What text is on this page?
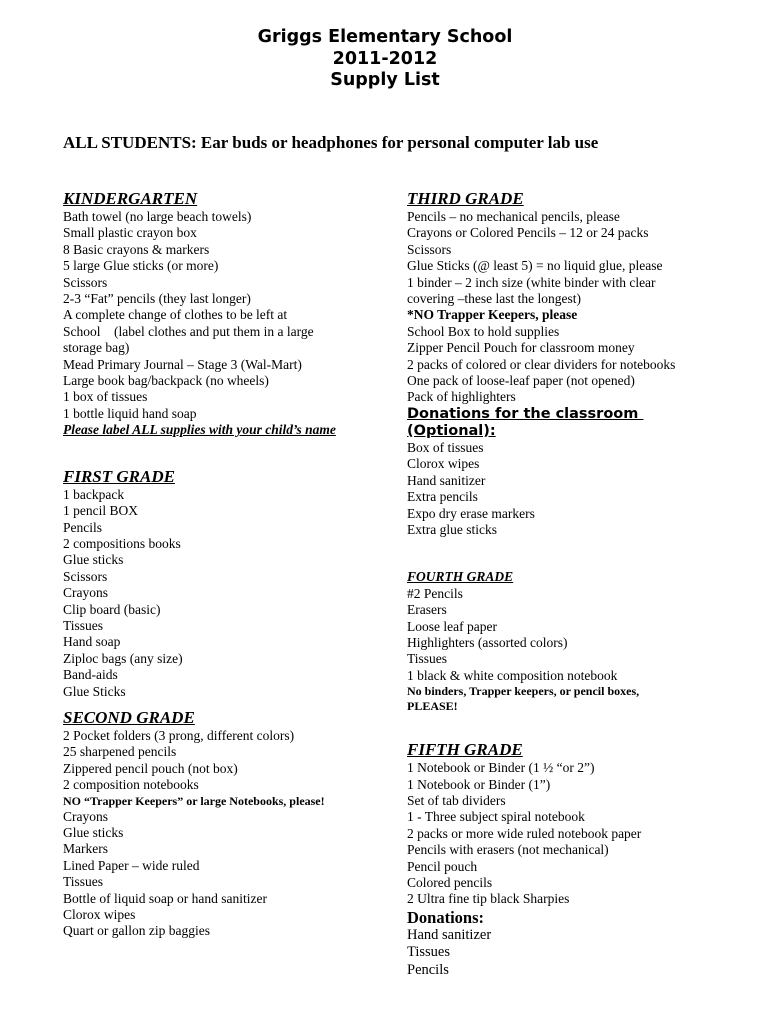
Griggs Elementary School
2011-2012
Supply List
ALL STUDENTS: Ear buds or headphones for personal computer lab use
KINDERGARTEN
Bath towel (no large beach towels)
Small plastic crayon box
8 Basic crayons & markers
5 large Glue sticks (or more)
Scissors
2-3 “Fat” pencils (they last longer)
A complete change of clothes to be left at
School    (label clothes and put them in a large
storage bag)
Mead Primary Journal – Stage 3 (Wal-Mart)
Large book bag/backpack (no wheels)
1 box of tissues
1 bottle liquid hand soap
Please label ALL supplies with your child’s name
FIRST GRADE
1 backpack
1 pencil BOX
Pencils
2 compositions books
Glue sticks
Scissors
Crayons
Clip board (basic)
Tissues
Hand soap
Ziploc bags (any size)
Band-aids
Glue Sticks
SECOND GRADE
2 Pocket folders (3 prong, different colors)
25 sharpened pencils
Zippered pencil pouch (not box)
2 composition notebooks
NO “Trapper Keepers” or large Notebooks, please!
Crayons
Glue sticks
Markers
Lined Paper – wide ruled
Tissues
Bottle of liquid soap or hand sanitizer
Clorox wipes
Quart or gallon zip baggies
THIRD GRADE
Pencils – no mechanical pencils, please
Crayons or Colored Pencils – 12 or 24 packs
Scissors
Glue Sticks (@ least 5) = no liquid glue, please
1 binder – 2 inch size (white binder with clear
covering –these last the longest)
*NO Trapper Keepers, please
School Box to hold supplies
Zipper Pencil Pouch for classroom money
2 packs of colored or clear dividers for notebooks
One pack of loose-leaf paper (not opened)
Pack of highlighters
Donations for the classroom
(Optional):
Box of tissues
Clorox wipes
Hand sanitizer
Extra pencils
Expo dry erase markers
Extra glue sticks
FOURTH GRADE
#2 Pencils
Erasers
Loose leaf paper
Highlighters (assorted colors)
Tissues
1 black & white composition notebook
No binders, Trapper keepers, or pencil boxes,
PLEASE!
FIFTH GRADE
1 Notebook or Binder (1 ½ “or 2”)
1 Notebook or Binder (1”)
Set of tab dividers
1 - Three subject spiral notebook
2 packs or more wide ruled notebook paper
Pencils with erasers (not mechanical)
Pencil pouch
Colored pencils
2 Ultra fine tip black Sharpies
Donations:
Hand sanitizer
Tissues
Pencils
